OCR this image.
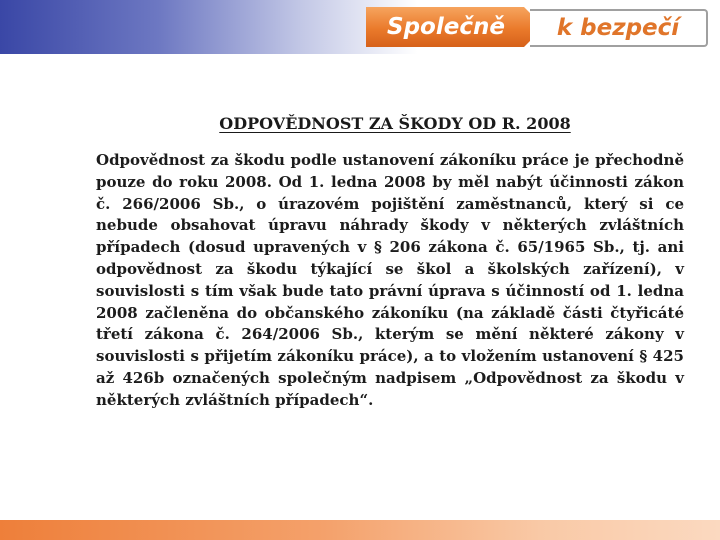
Společně	k bezpečí
ODPOVĚDNOST ZA ŠKODY OD R. 2008

Odpovědnost za škodu podle ustanovení zákoníku práce je přechodně pouze do roku 2008. Od 1. ledna 2008 by měl nabýt účinnosti zákon č. 266/2006 Sb., o úrazovém pojištění zaměstnanců, který si ce nebude obsahovat úpravu náhrady škody v některých zvláštních případech (dosud upravených v § 206 zákona č. 65/1965 Sb., tj. ani odpovědnost za škodu týkající se škol a školských zařízení), v souvislosti s tím však bude tato právní úprava s účinností od 1. ledna 2008 začleněna do občanského zákoníku (na základě části čtyřicáté třetí zákona č. 264/2006 Sb., kterým se mění některé zákony v souvislosti s přijetím zákoníku práce), a to vložením ustanovení § 425 až 426b označených společným nadpisem „Odpovědnost za škodu v některých zvláštních případech“.
